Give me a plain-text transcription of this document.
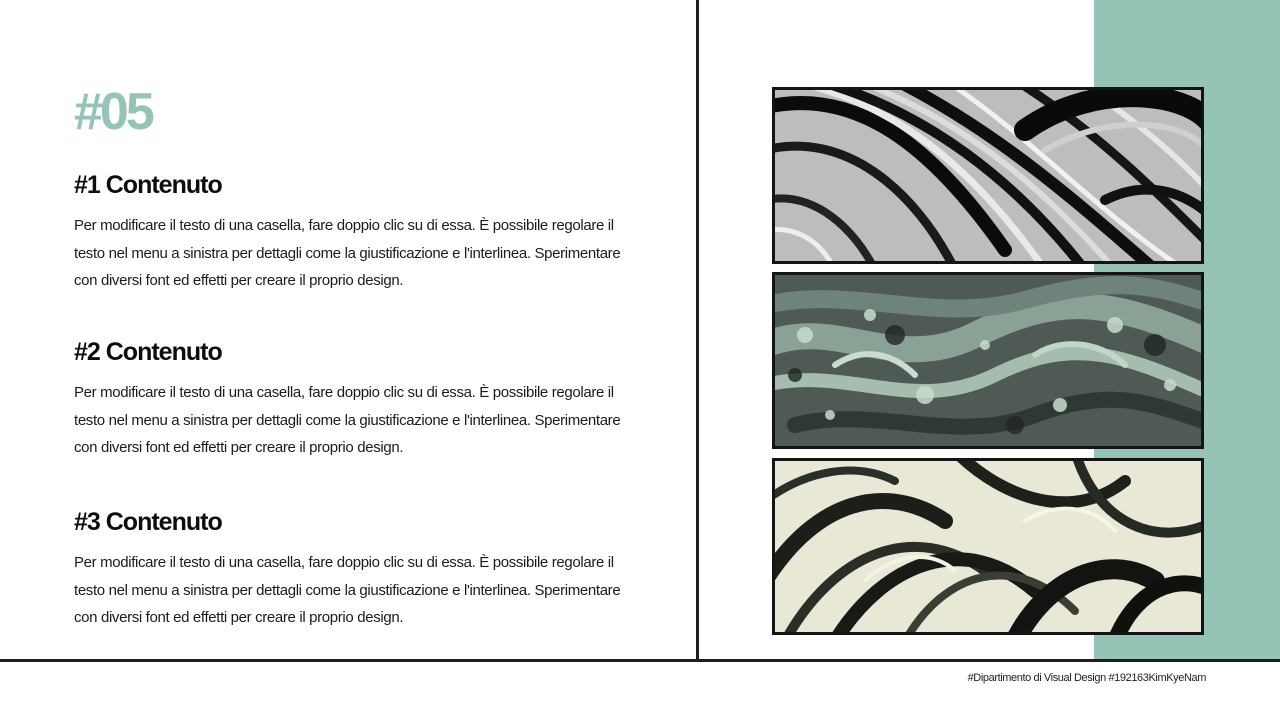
#05
#1 Contenuto

Per modificare il testo di una casella, fare doppio clic su di essa. È possibile regolare il testo nel menu a sinistra per dettagli come la giustificazione e l'interlinea. Sperimentare con diversi font ed effetti per creare il proprio design.

#2 Contenuto

Per modificare il testo di una casella, fare doppio clic su di essa. È possibile regolare il testo nel menu a sinistra per dettagli come la giustificazione e l'interlinea. Sperimentare con diversi font ed effetti per creare il proprio design.

#3 Contenuto

Per modificare il testo di una casella, fare doppio clic su di essa. È possibile regolare il testo nel menu a sinistra per dettagli come la giustificazione e l'interlinea. Sperimentare con diversi font ed effetti per creare il proprio design.

#Dipartimento di Visual Design #192163KimKyeNam
